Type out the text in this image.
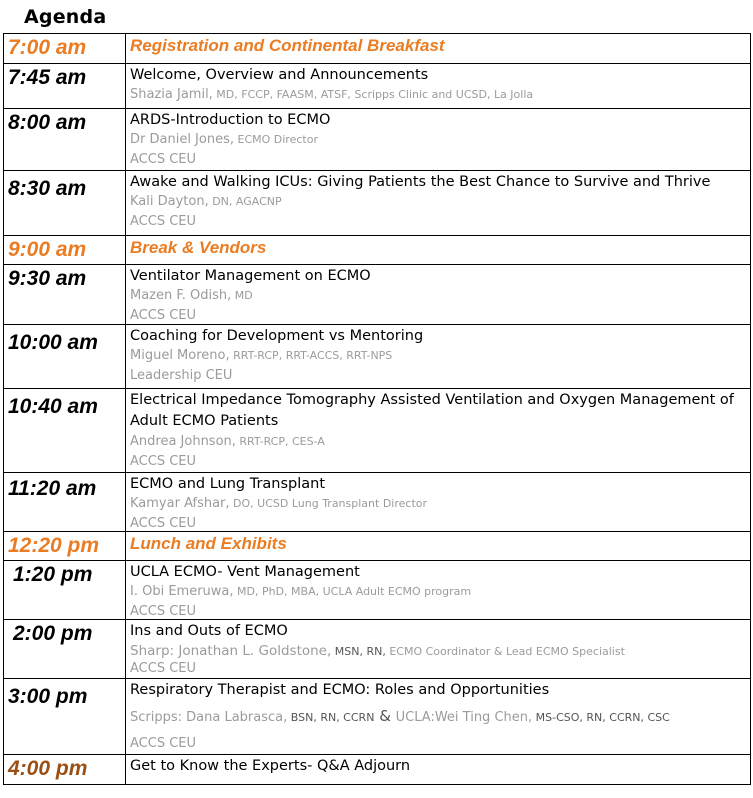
Agenda
7:00 am	Registration and Continental Breakfast
7:45 am	Welcome, Overview and Announcements
Shazia Jamil, MD, FCCP, FAASM, ATSF, Scripps Clinic and UCSD, La Jolla
8:00 am	ARDS-Introduction to ECMO
Dr Daniel Jones, ECMO Director
ACCS CEU
8:30 am	Awake and Walking ICUs: Giving Patients the Best Chance to Survive and Thrive
Kali Dayton, DN, AGACNP
ACCS CEU
9:00 am	Break & Vendors
9:30 am	Ventilator Management on ECMO
Mazen F. Odish, MD
ACCS CEU
10:00 am	Coaching for Development vs Mentoring
Miguel Moreno, RRT-RCP, RRT-ACCS, RRT-NPS
Leadership CEU
10:40 am	Electrical Impedance Tomography Assisted Ventilation and Oxygen Management of Adult ECMO Patients
Andrea Johnson, RRT-RCP, CES-A
ACCS CEU
11:20 am	ECMO and Lung Transplant
Kamyar Afshar, DO, UCSD Lung Transplant Director
ACCS CEU
12:20 pm	Lunch and Exhibits
1:20 pm	UCLA ECMO- Vent Management
I. Obi Emeruwa, MD, PhD, MBA, UCLA Adult ECMO program
ACCS CEU
2:00 pm	Ins and Outs of ECMO
Sharp: Jonathan L. Goldstone, MSN, RN, ECMO Coordinator & Lead ECMO Specialist
ACCS CEU
3:00 pm	Respiratory Therapist and ECMO: Roles and Opportunities
Scripps: Dana Labrasca, BSN, RN, CCRN & UCLA:Wei Ting Chen, MS-CSO, RN, CCRN, CSC
ACCS CEU
4:00 pm	Get to Know the Experts- Q&A Adjourn
